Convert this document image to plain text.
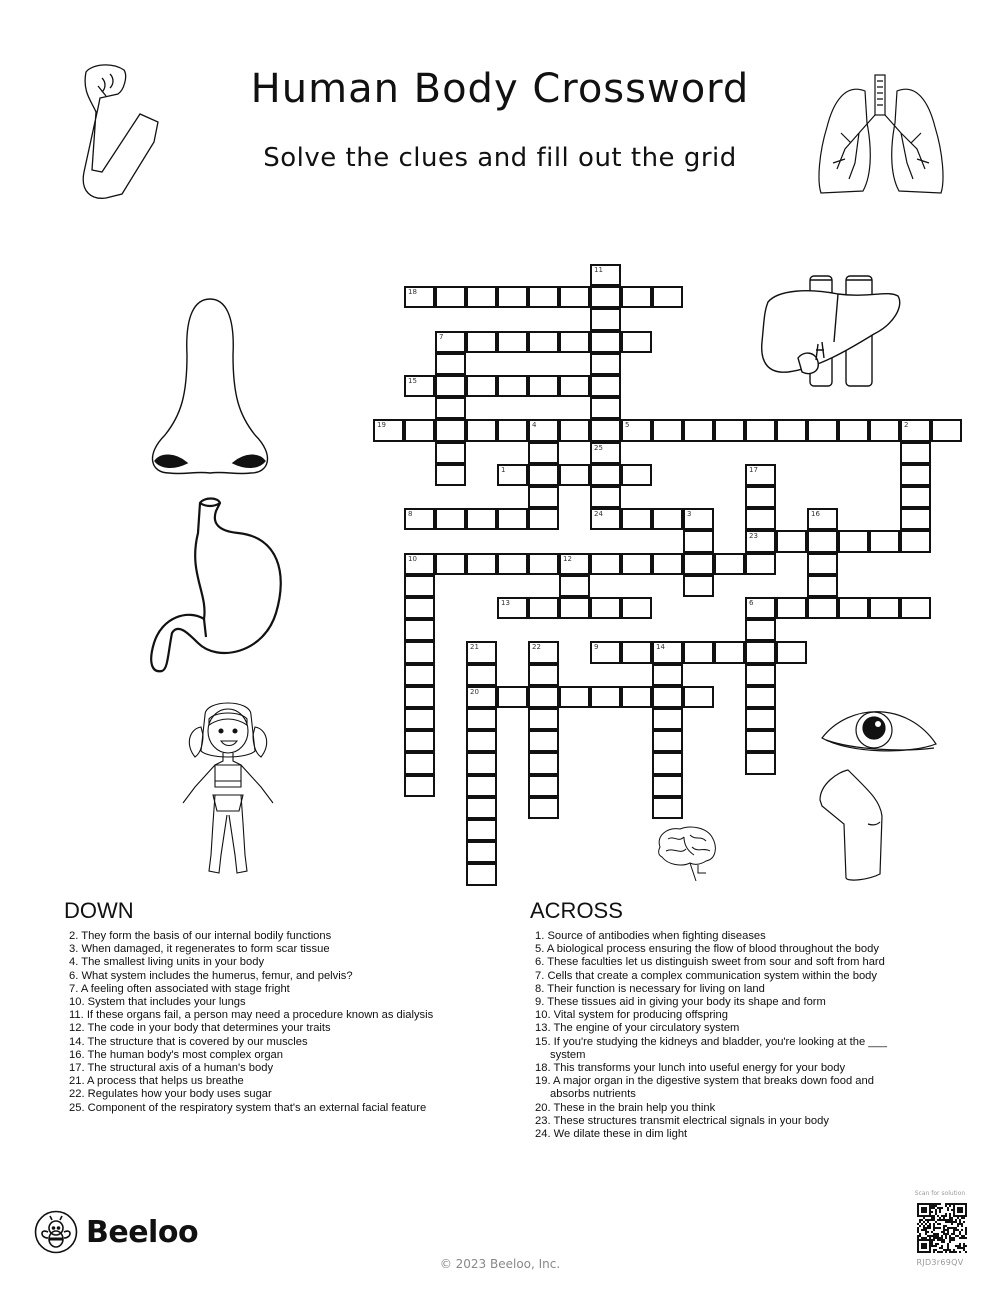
Human Body Crossword
Solve the clues and fill out the grid
18
7
15
19	4	5	2
1
8	24	3
23
10	12
13	6
9	14
20
11
25
17
16
21	22
DOWN
2. They form the basis of our internal bodily functions
3. When damaged, it regenerates to form scar tissue
4. The smallest living units in your body
6. What system includes the humerus, femur, and pelvis?
7. A feeling often associated with stage fright
10. System that includes your lungs
11. If these organs fail, a person may need a procedure known as dialysis
12. The code in your body that determines your traits
14. The structure that is covered by our muscles
16. The human body's most complex organ
17. The structural axis of a human's body
21. A process that helps us breathe
22. Regulates how your body uses sugar
25. Component of the respiratory system that's an external facial feature
ACROSS
1. Source of antibodies when fighting diseases
5. A biological process ensuring the flow of blood throughout the body
6. These faculties let us distinguish sweet from sour and soft from hard
7. Cells that create a complex communication system within the body
8. Their function is necessary for living on land
9. These tissues aid in giving your body its shape and form
10. Vital system for producing offspring
13. The engine of your circulatory system
15. If you're studying the kidneys and bladder, you're looking at the ___ system
18. This transforms your lunch into useful energy for your body
19. A major organ in the digestive system that breaks down food and absorbs nutrients
20. These in the brain help you think
23. These structures transmit electrical signals in your body
24. We dilate these in dim light
Beeloo
© 2023 Beeloo, Inc.
Scan for solution
RJD3r69QV
